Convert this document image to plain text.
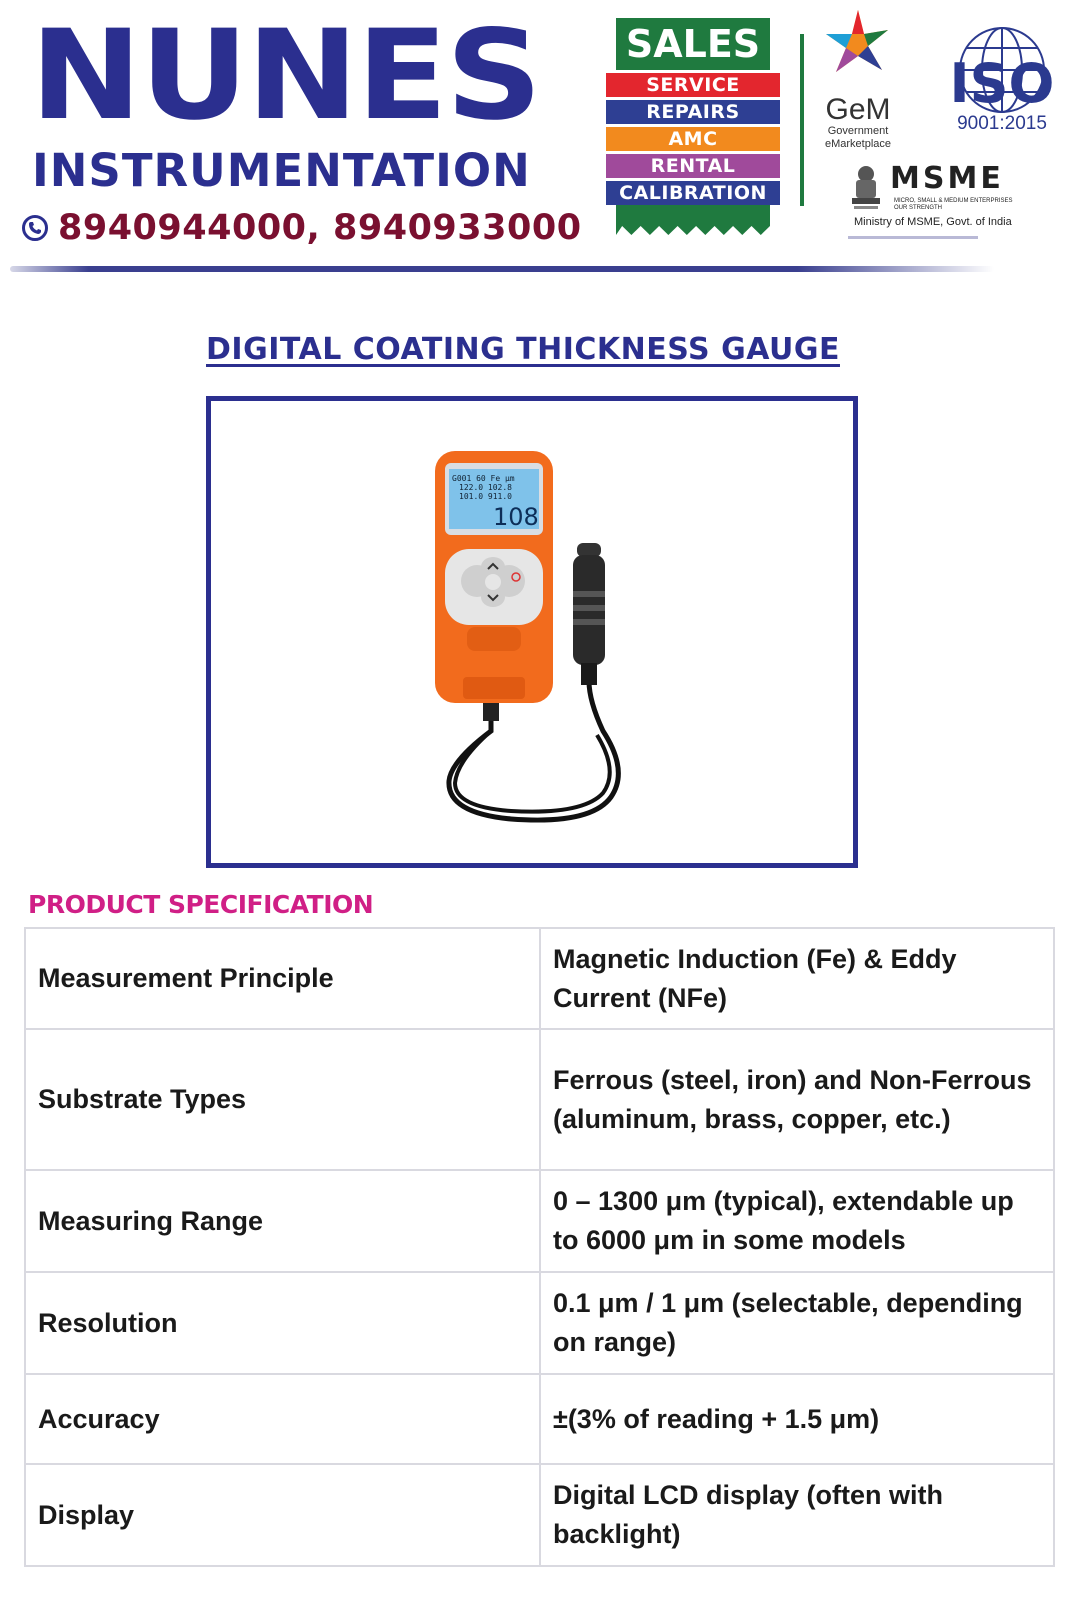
NUNES
INSTRUMENTATION
8940944000, 8940933000
SALES
SERVICE
REPAIRS
AMC
RENTAL
CALIBRATION
GeM
Government
eMarketplace
ISO
9001:2015
MSME
MICRO, SMALL & MEDIUM ENTERPRISES
OUR STRENGTH
Ministry of MSME, Govt. of India
DIGITAL COATING THICKNESS GAUGE
G001 60 Fe μm
122.0 102.8
101.0 911.0
108
PRODUCT SPECIFICATION
Measurement Principle	Magnetic Induction (Fe) & Eddy Current (NFe)
Substrate Types	Ferrous (steel, iron) and Non-Ferrous (aluminum, brass, copper, etc.)
Measuring Range	0 – 1300 μm (typical), extendable up to 6000 μm in some models
Resolution	0.1 μm / 1 μm (selectable, depending on range)
Accuracy	±(3% of reading + 1.5 μm)
Display	Digital LCD display (often with backlight)
